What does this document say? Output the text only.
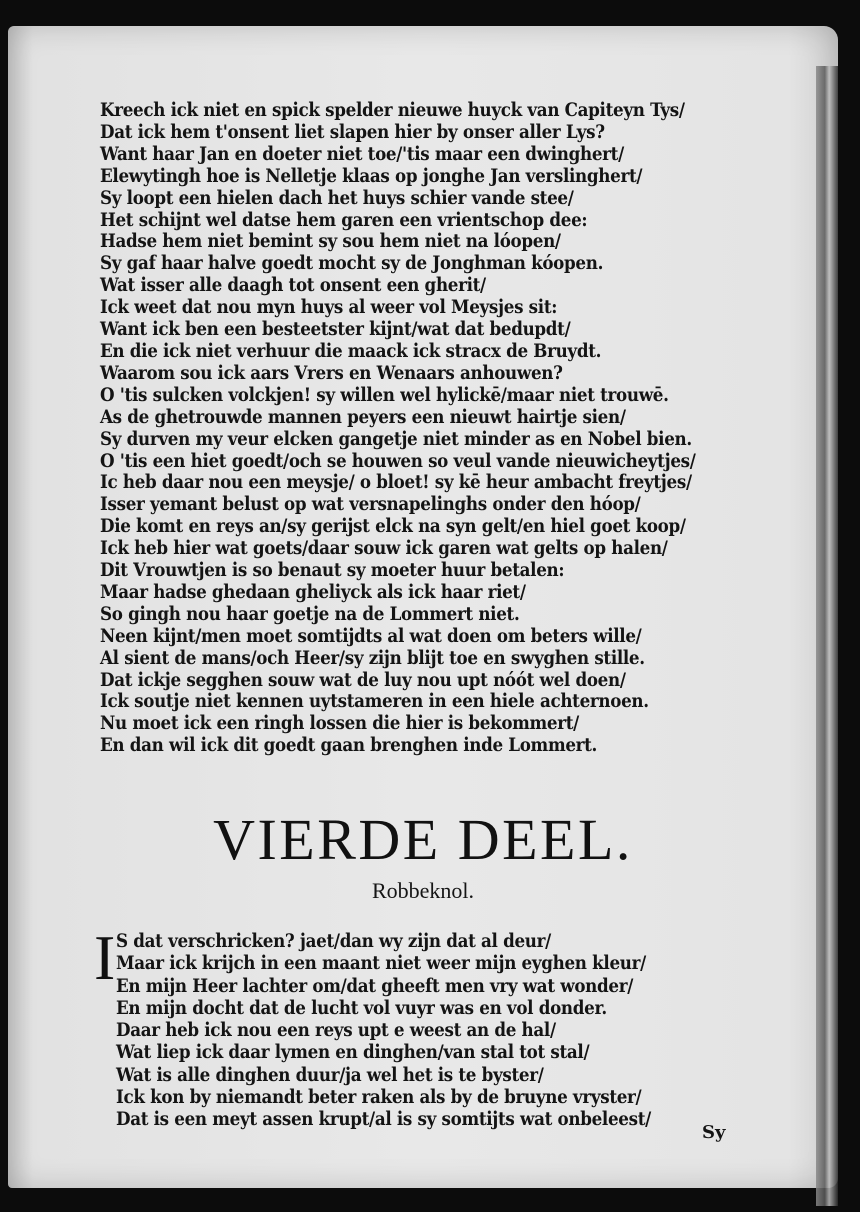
Kreech ick niet en spick spelder nieuwe huyck van Capiteyn Tys/
Dat ick hem t'onsent liet slapen hier by onser aller Lys?
Want haar Jan en doeter niet toe/'tis maar een dwinghert/
Elewytingh hoe is Nelletje klaas op jonghe Jan verslinghert/
Sy loopt een hielen dach het huys schier vande stee/
Het schijnt wel datse hem garen een vrientschop dee:
Hadse hem niet bemint sy sou hem niet na lóopen/
Sy gaf haar halve goedt mocht sy de Jonghman kóopen.
Wat isser alle daagh tot onsent een gherit/
Ick weet dat nou myn huys al weer vol Meysjes sit:
Want ick ben een besteetster kijnt/wat dat bedupdt/
En die ick niet verhuur die maack ick stracx de Bruydt.
Waarom sou ick aars Vrers en Wenaars anhouwen?
O 'tis sulcken volckjen! sy willen wel hylickē/maar niet trouwē.
As de ghetrouwde mannen peyers een nieuwt hairtje sien/
Sy durven my veur elcken gangetje niet minder as en Nobel bien.
O 'tis een hiet goedt/och se houwen so veul vande nieuwicheytjes/
Ic heb daar nou een meysje/ o bloet! sy kē heur ambacht freytjes/
Isser yemant belust op wat versnapelinghs onder den hóop/
Die komt en reys an/sy gerijst elck na syn gelt/en hiel goet koop/
Ick heb hier wat goets/daar souw ick garen wat gelts op halen/
Dit Vrouwtjen is so benaut sy moeter huur betalen:
Maar hadse ghedaan gheliyck als ick haar riet/
So gingh nou haar goetje na de Lommert niet.
Neen kijnt/men moet somtijdts al wat doen om beters wille/
Al sient de mans/och Heer/sy zijn blijt toe en swyghen stille.
Dat ickje segghen souw wat de luy nou upt nóót wel doen/
Ick soutje niet kennen uytstameren in een hiele achternoen.
Nu moet ick een ringh lossen die hier is bekommert/
En dan wil ick dit goedt gaan brenghen inde Lommert.
VIERDE DEEL.
Robbeknol.
I S dat verschricken? jaet/dan wy zijn dat al deur/
Maar ick krijch in een maant niet weer mijn eyghen kleur/
En mijn Heer lachter om/dat gheeft men vry wat wonder/
En mijn docht dat de lucht vol vuyr was en vol donder.
Daar heb ick nou een reys upt e weest an de hal/
Wat liep ick daar lymen en dinghen/van stal tot stal/
Wat is alle dinghen duur/ja wel het is te byster/
Ick kon by niemandt beter raken als by de bruyne vryster/
Dat is een meyt assen krupt/al is sy somtijts wat onbeleest/
Sy
